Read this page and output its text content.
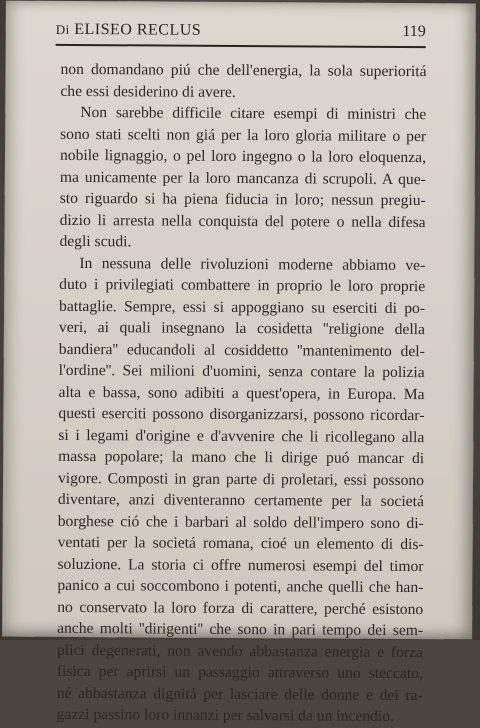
Di ELISEO RECLUS	119
non domandano piú che dell'energia, la sola superioritá
che essi desiderino di avere.
Non sarebbe difficile citare esempi di ministri che
sono stati scelti non giá per la loro gloria militare o per
nobile lignaggio, o pel loro ingegno o la loro eloquenza,
ma unicamente per la loro mancanza di scrupoli. A que-
sto riguardo si ha piena fiducia in loro; nessun pregiu-
dizio li arresta nella conquista del potere o nella difesa
degli scudi.
In nessuna delle rivoluzioni moderne abbiamo ve-
duto i privilegiati combattere in proprio le loro proprie
battaglie. Sempre, essi si appoggiano su eserciti di po-
veri, ai quali insegnano la cosidetta ''religione della
bandiera'' educandoli al cosiddetto ''mantenimento del-
l'ordine''. Sei milioni d'uomini, senza contare la polizia
alta e bassa, sono adibiti a quest'opera, in Europa. Ma
questi eserciti possono disorganizzarsi, possono ricordar-
si i legami d'origine e d'avvenire che li ricollegano alla
massa popolare; la mano che li dirige puó mancar di
vigore. Composti in gran parte di proletari, essi possono
diventare, anzi diventeranno certamente per la societá
borghese ció che i barbari al soldo dell'impero sono di-
ventati per la societá romana, cioé un elemento di dis-
soluzione. La storia ci offre numerosi esempi del timor
panico a cui soccombono i potenti, anche quelli che han-
no conservato la loro forza di carattere, perché esistono
anche molti ''dirigenti'' che sono in pari tempo dei sem-
plici degenerati, non avendo abbastanza energia e forza
fisica per aprirsi un passaggio attraverso uno steccato,
né abbastanza dignitá per lasciare delle donne e dei ra-
gazzi passino loro innanzi per salvarsi da un incendio.
